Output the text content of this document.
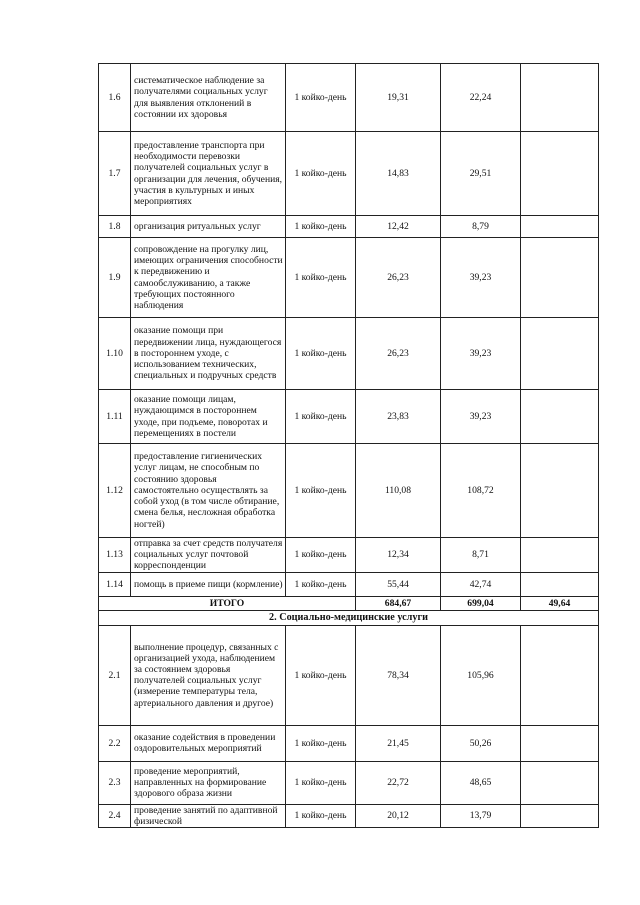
1.6	систематическое наблюдение за получателями социальных услуг для выявления отклонений в состоянии их здоровья	1 койко-день	19,31	22,24	
1.7	предоставление транспорта при необходимости перевозки получателей социальных услуг в организации для лечения, обучения, участия в культурных и иных мероприятиях	1 койко-день	14,83	29,51	
1.8	организация ритуальных услуг	1 койко-день	12,42	8,79	
1.9	сопровождение на прогулку лиц, имеющих ограничения способности к передвижению и самообслуживанию, а также требующих постоянного наблюдения	1 койко-день	26,23	39,23	
1.10	оказание помощи при передвижении лица, нуждающегося в постороннем уходе, с использованием технических, специальных и подручных средств	1 койко-день	26,23	39,23	
1.11	оказание помощи лицам, нуждающимся в постороннем уходе, при подъеме, поворотах и перемещениях в постели	1 койко-день	23,83	39,23	
1.12	предоставление гигиенических услуг лицам, не способным по состоянию здоровья самостоятельно осуществлять за собой уход (в том числе обтирание, смена белья, несложная обработка ногтей)	1 койко-день	110,08	108,72	
1.13	отправка за счет средств получателя социальных услуг почтовой корреспонденции	1 койко-день	12,34	8,71	
1.14	помощь в приеме пищи (кормление)	1 койко-день	55,44	42,74	
ИТОГО			684,67	699,04	49,64
2. Социально-медицинские услуги					
2.1	выполнение процедур, связанных с организацией ухода, наблюдением за состоянием здоровья получателей социальных услуг (измерение температуры тела, артериального давления и другое)	1 койко-день	78,34	105,96	
2.2	оказание содействия в проведении оздоровительных мероприятий	1 койко-день	21,45	50,26	
2.3	проведение мероприятий, направленных на формирование здорового образа жизни	1 койко-день	22,72	48,65	
2.4	проведение занятий по адаптивной физической	1 койко-день	20,12	13,79	
